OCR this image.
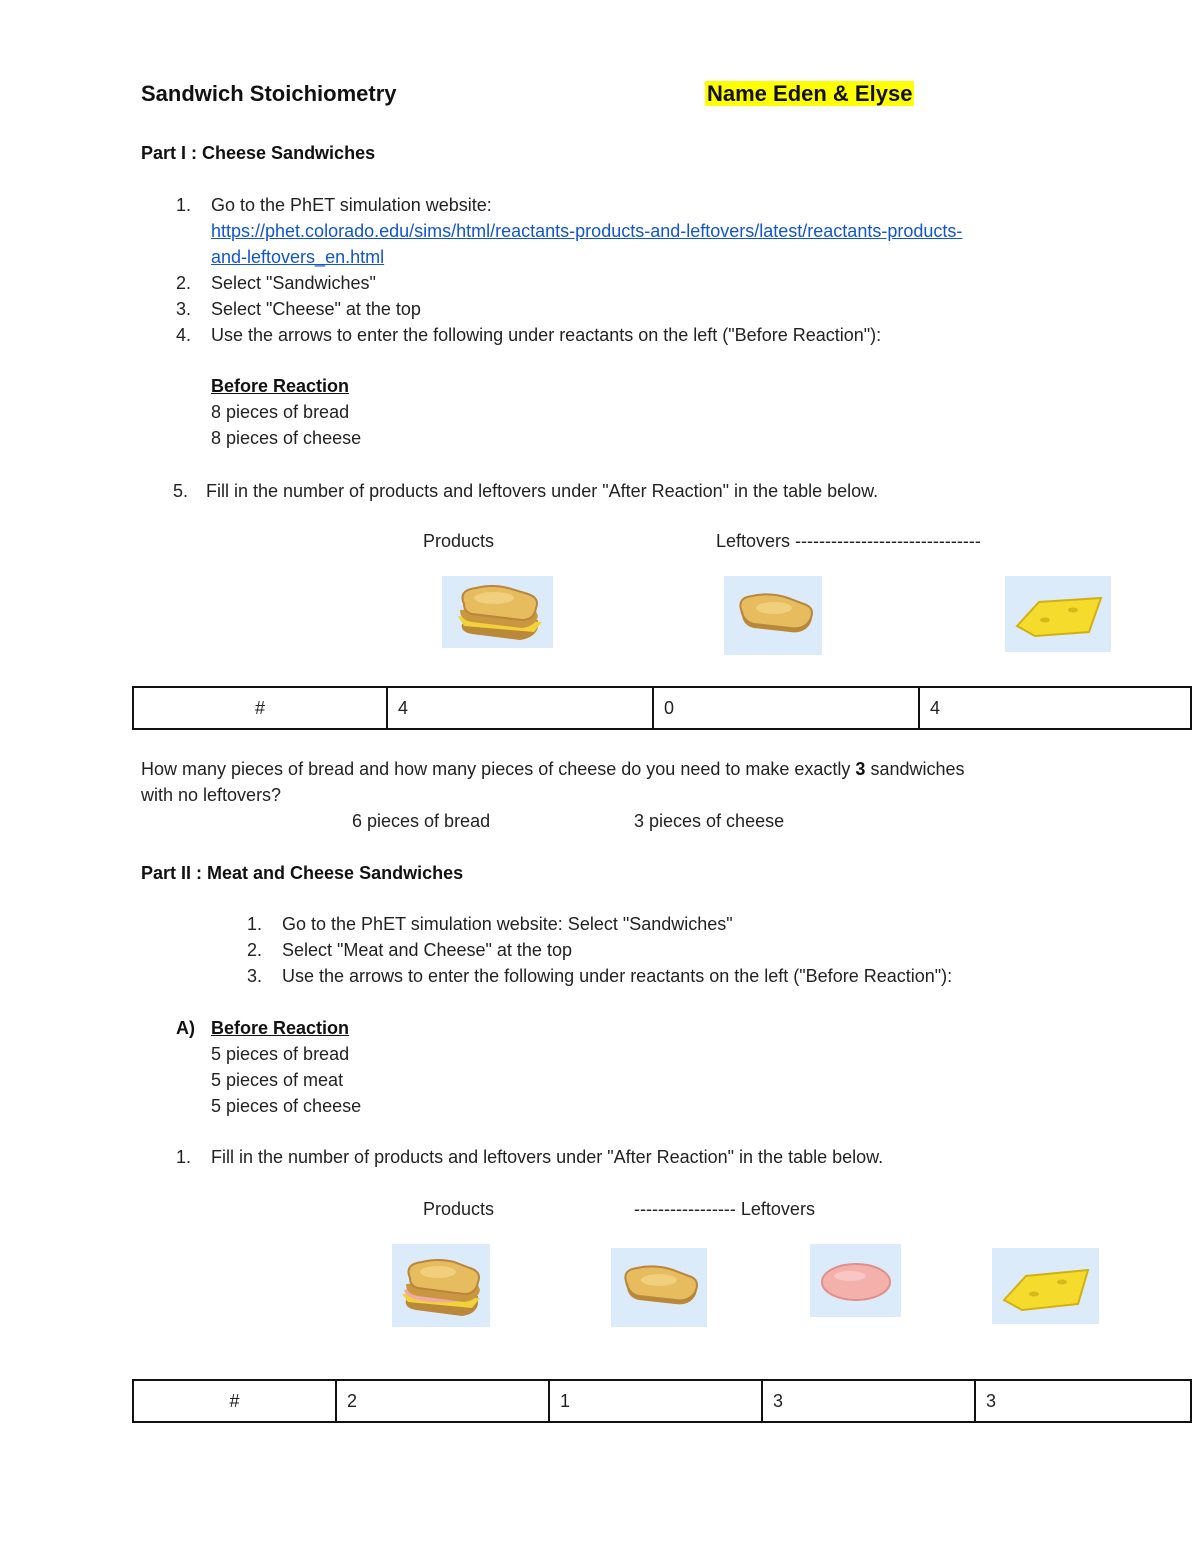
Sandwich Stoichiometry	Name Eden & Elyse
Part I : Cheese Sandwiches
1. Go to the PhET simulation website:
https://phet.colorado.edu/sims/html/reactants-products-and-leftovers/latest/reactants-products-
and-leftovers_en.html
2. Select "Sandwiches"
3. Select "Cheese" at the top
4. Use the arrows to enter the following under reactants on the left ("Before Reaction"):
Before Reaction
8 pieces of bread
8 pieces of cheese
5. Fill in the number of products and leftovers under "After Reaction" in the table below.
Products	Leftovers -------------------------------
#	4	0	4
How many pieces of bread and how many pieces of cheese do you need to make exactly 3 sandwiches
with no leftovers?
6 pieces of bread	3 pieces of cheese
Part II : Meat and Cheese Sandwiches
1. Go to the PhET simulation website: Select "Sandwiches"
2. Select "Meat and Cheese" at the top
3. Use the arrows to enter the following under reactants on the left ("Before Reaction"):
A) Before Reaction
5 pieces of bread
5 pieces of meat
5 pieces of cheese
1. Fill in the number of products and leftovers under "After Reaction" in the table below.
Products	----------------- Leftovers
#	2	1	3	3
